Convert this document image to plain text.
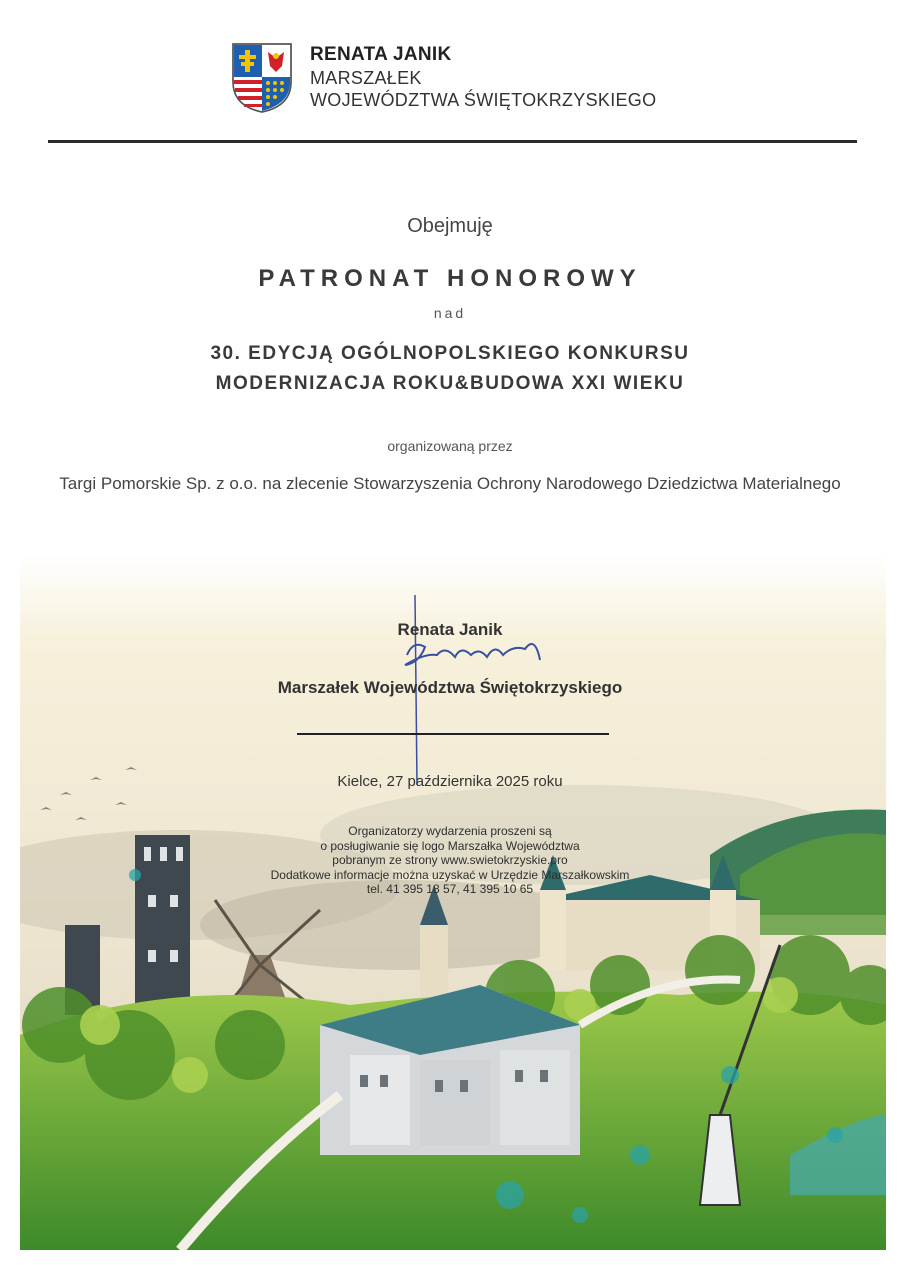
RENATA JANIK
MARSZAŁEK
WOJEWÓDZTWA ŚWIĘTOKRZYSKIEGO
Obejmuję
PATRONAT HONOROWY
nad
30. EDYCJĄ OGÓLNOPOLSKIEGO KONKURSU
MODERNIZACJA ROKU&BUDOWA XXI WIEKU
organizowaną przez
Targi Pomorskie Sp. z o.o. na zlecenie Stowarzyszenia Ochrony Narodowego Dziedzictwa Materialnego
Renata Janik
Marszałek Województwa Świętokrzyskiego
Kielce, 27 października 2025 roku
Organizatorzy wydarzenia proszeni są
o posługiwanie się logo Marszałka Województwa
pobranym ze strony www.swietokrzyskie.pro
Dodatkowe informacje można uzyskać w Urzędzie Marszałkowskim
tel. 41 395 18 57, 41 395 10 65
